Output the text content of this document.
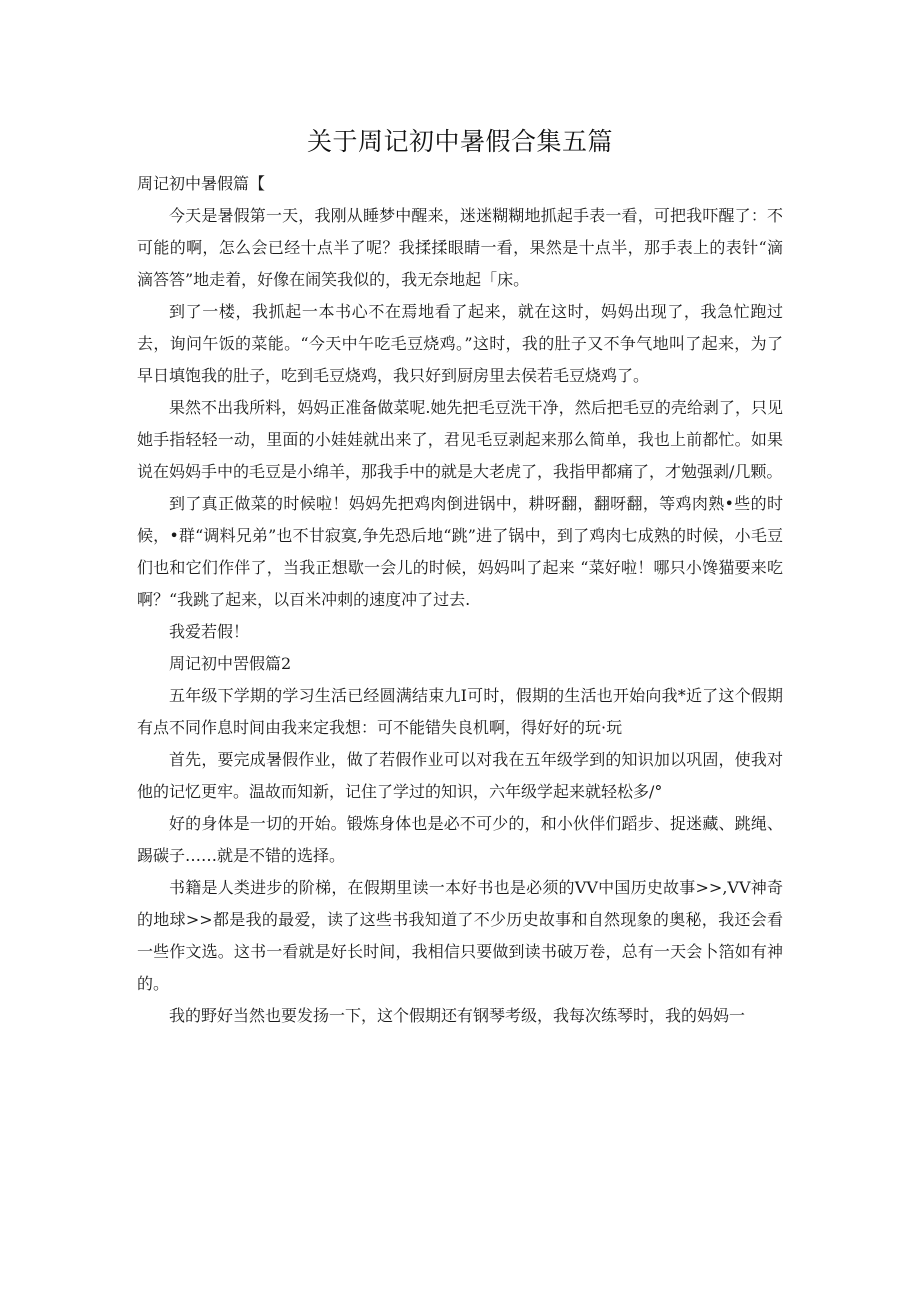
关于周记初中暑假合集五篇

周记初中暑假篇【

今天是暑假第一天，我刚从睡梦中醒来，迷迷糊糊地抓起手表一看，可把我吓醒了：不可能的啊，怎么会已经十点半了呢？我揉揉眼睛一看，果然是十点半，那手表上的表针“滴滴答答”地走着，好像在闹笑我似的，我无奈地起「床。

到了一楼，我抓起一本书心不在焉地看了起来，就在这时，妈妈出现了，我急忙跑过去，询问午饭的菜能。“今天中午吃毛豆烧鸡。”这时，我的肚子又不争气地叫了起来，为了早日填饱我的肚子，吃到毛豆烧鸡，我只好到厨房里去侯若毛豆烧鸡了。

果然不出我所料，妈妈正准备做菜呢.她先把毛豆洗干净，然后把毛豆的壳给剥了，只见她手指轻轻一动，里面的小娃娃就出来了，君见毛豆剥起来那么简单，我也上前都忙。如果说在妈妈手中的毛豆是小绵羊，那我手中的就是大老虎了，我指甲都痛了，才勉强剥/几颗。

到了真正做菜的时候啦！妈妈先把鸡肉倒进锅中，耕呀翻，翻呀翻，等鸡肉熟•些的时候，•群“调料兄弟”也不甘寂寞,争先恐后地“跳”进了锅中，到了鸡肉七成熟的时候，小毛豆们也和它们作伴了，当我正想歇一会儿的时候，妈妈叫了起来 “菜好啦！哪只小馋猫要来吃啊？“我跳了起来，以百米冲刺的速度冲了过去.

我爱若假！

周记初中罟假篇2

五年级下学期的学习生活已经圆满结束九I可时，假期的生活也开始向我*近了这个假期有点不同作息时间由我来定我想：可不能错失良机啊，得好好的玩·玩

首先，要完成暑假作业，做了若假作业可以对我在五年级学到的知识加以巩固，使我对他的记忆更牢。温故而知新，记住了学过的知识，六年级学起来就轻松多/°

好的身体是一切的开始。锻炼身体也是必不可少的，和小伙伴们蹈步、捉迷藏、跳绳、踢碳子……就是不错的选择。

书籍是人类进步的阶梯，在假期里读一本好书也是必须的VV中国历史故事>>,VV神奇的地球>>都是我的最爱，读了这些书我知道了不少历史故事和自然现象的奥秘，我还会看一些作文选。这书一看就是好长时间，我相信只要做到读书破万卷，总有一天会卜箔如有神的。

我的野好当然也要发扬一下，这个假期还有钢琴考级，我每次练琴时，我的妈妈一
